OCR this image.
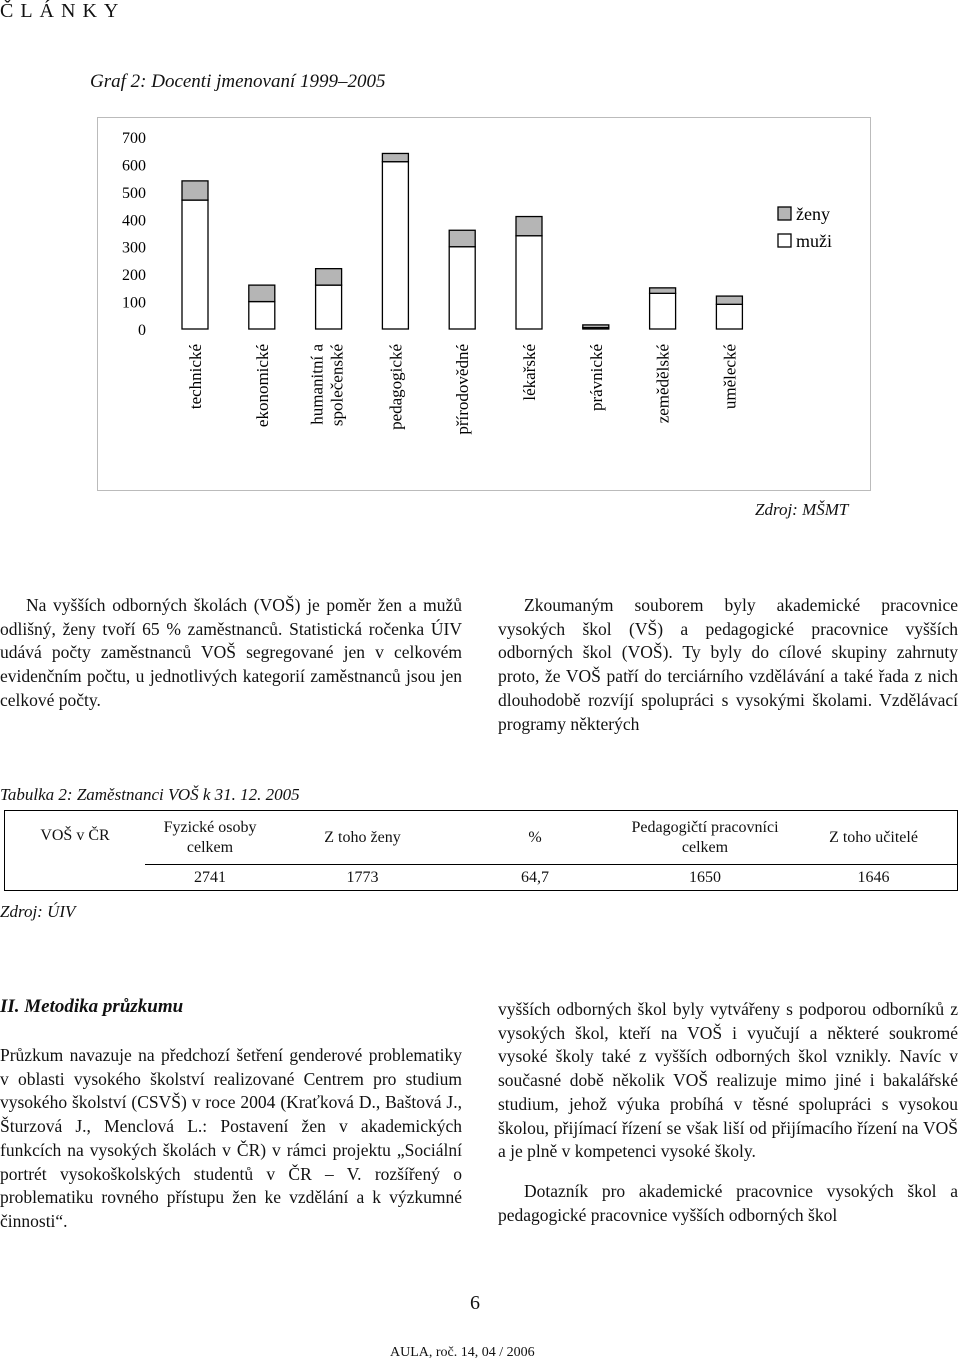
ČLÁNKY
Graf 2: Docenti jmenovaní 1999–2005
700
600
500
400
300
200
100
0
technické	ekonomické humanitní aspolečenské pedagogické	přírodovědné	lékařské	právnické	zemědělské	umělecké
ženy
muži
Zdroj: MŠMT

Na vyšších odborných školách (VOŠ) je poměr žen a mužů odlišný, ženy tvoří 65 % zaměstnanců. Statistická ročenka ÚIV udává počty zaměstnanců VOŠ segregované jen v celkovém evidenčním počtu, u jednotlivých kategorií zaměstnanců jsou jen celkové počty.

Zkoumaným souborem byly akademické pracovnice vysokých škol (VŠ) a pedagogické pracovnice vyšších odborných škol (VOŠ). Ty byly do cílové skupiny zahrnuty proto, že VOŠ patří do terciárního vzdělávání a také řada z nich dlouhodobě rozvíjí spolupráci s vysokými školami. Vzdělávací programy některých

Tabulka 2: Zaměstnanci VOŠ k 31. 12. 2005
VOŠ v ČR	Fyzické osoby celkem	Z toho ženy	%	Pedagogičtí pracovníci celkem	Z toho učitelé
	2741	1773	64,7	1650	1646
Zdroj: ÚIV
II. Metodika průzkumu

Průzkum navazuje na předchozí šetření genderové problematiky v oblasti vysokého školství realizované Centrem pro studium vysokého školství (CSVŠ) v roce 2004 (Kraťková D., Baštová J., Šturzová J., Menclová L.: Postavení žen v akademických funkcích na vysokých školách v ČR) v rámci projektu „Sociální portrét vysokoškolských studentů v ČR – V. rozšířený o problematiku rovného přístupu žen ke vzdělání a k výzkumné činnosti“.

vyšších odborných škol byly vytvářeny s podporou odborníků z vysokých škol, kteří na VOŠ i vyučují a některé soukromé vysoké školy také z vyšších odborných škol vznikly. Navíc v současné době několik VOŠ realizuje mimo jiné i bakalářské studium, jehož výuka probíhá v těsné spolupráci s vysokou školou, přijímací řízení se však liší od přijímacího řízení na VOŠ a je plně v kompetenci vysoké školy.

Dotazník pro akademické pracovnice vysokých škol a pedagogické pracovnice vyšších odborných škol

6
AULA, roč. 14, 04 / 2006
